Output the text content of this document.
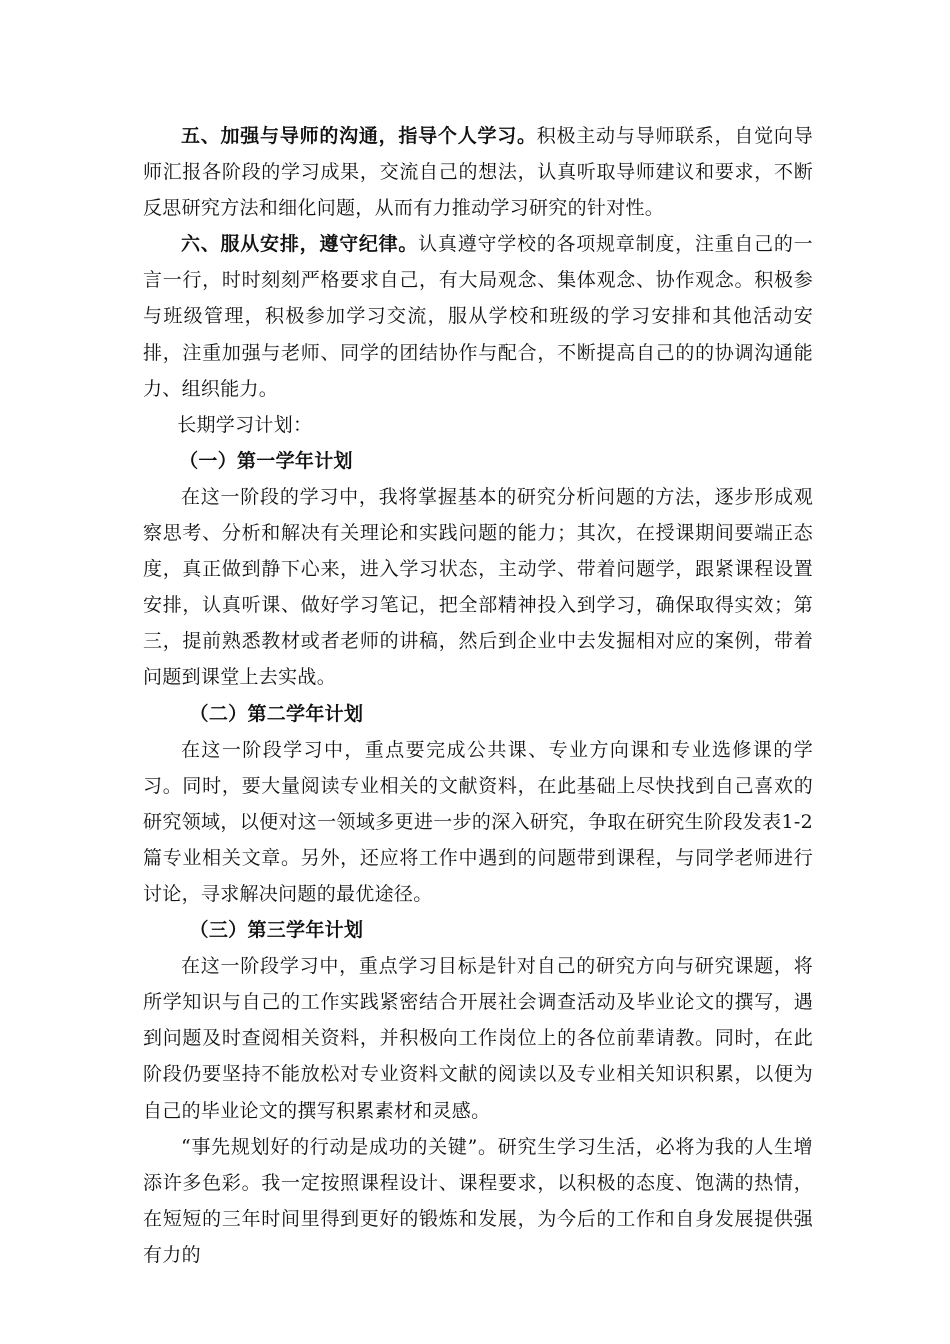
五、加强与导师的沟通，指导个人学习。积极主动与导师联系，自觉向导师汇报各阶段的学习成果，交流自己的想法，认真听取导师建议和要求，不断反思研究方法和细化问题，从而有力推动学习研究的针对性。

六、服从安排，遵守纪律。认真遵守学校的各项规章制度，注重自己的一言一行，时时刻刻严格要求自己，有大局观念、集体观念、协作观念。积极参与班级管理，积极参加学习交流，服从学校和班级的学习安排和其他活动安排，注重加强与老师、同学的团结协作与配合，不断提高自己的的协调沟通能力、组织能力。

长期学习计划：

（一）第一学年计划

在这一阶段的学习中，我将掌握基本的研究分析问题的方法，逐步形成观察思考、分析和解决有关理论和实践问题的能力；其次，在授课期间要端正态度，真正做到静下心来，进入学习状态，主动学、带着问题学，跟紧课程设置安排，认真听课、做好学习笔记，把全部精神投入到学习，确保取得实效；第三，提前熟悉教材或者老师的讲稿，然后到企业中去发掘相对应的案例，带着问题到课堂上去实战。

（二）第二学年计划

在这一阶段学习中，重点要完成公共课、专业方向课和专业选修课的学习。同时，要大量阅读专业相关的文献资料，在此基础上尽快找到自己喜欢的研究领域，以便对这一领域多更进一步的深入研究，争取在研究生阶段发表1-2篇专业相关文章。另外，还应将工作中遇到的问题带到课程，与同学老师进行讨论，寻求解决问题的最优途径。

（三）第三学年计划

在这一阶段学习中，重点学习目标是针对自己的研究方向与研究课题，将所学知识与自己的工作实践紧密结合开展社会调查活动及毕业论文的撰写，遇到问题及时查阅相关资料，并积极向工作岗位上的各位前辈请教。同时，在此阶段仍要坚持不能放松对专业资料文献的阅读以及专业相关知识积累，以便为自己的毕业论文的撰写积累素材和灵感。

“事先规划好的行动是成功的关键”。研究生学习生活，必将为我的人生增添许多色彩。我一定按照课程设计、课程要求，以积极的态度、饱满的热情，在短短的三年时间里得到更好的锻炼和发展，为今后的工作和自身发展提供强有力的
